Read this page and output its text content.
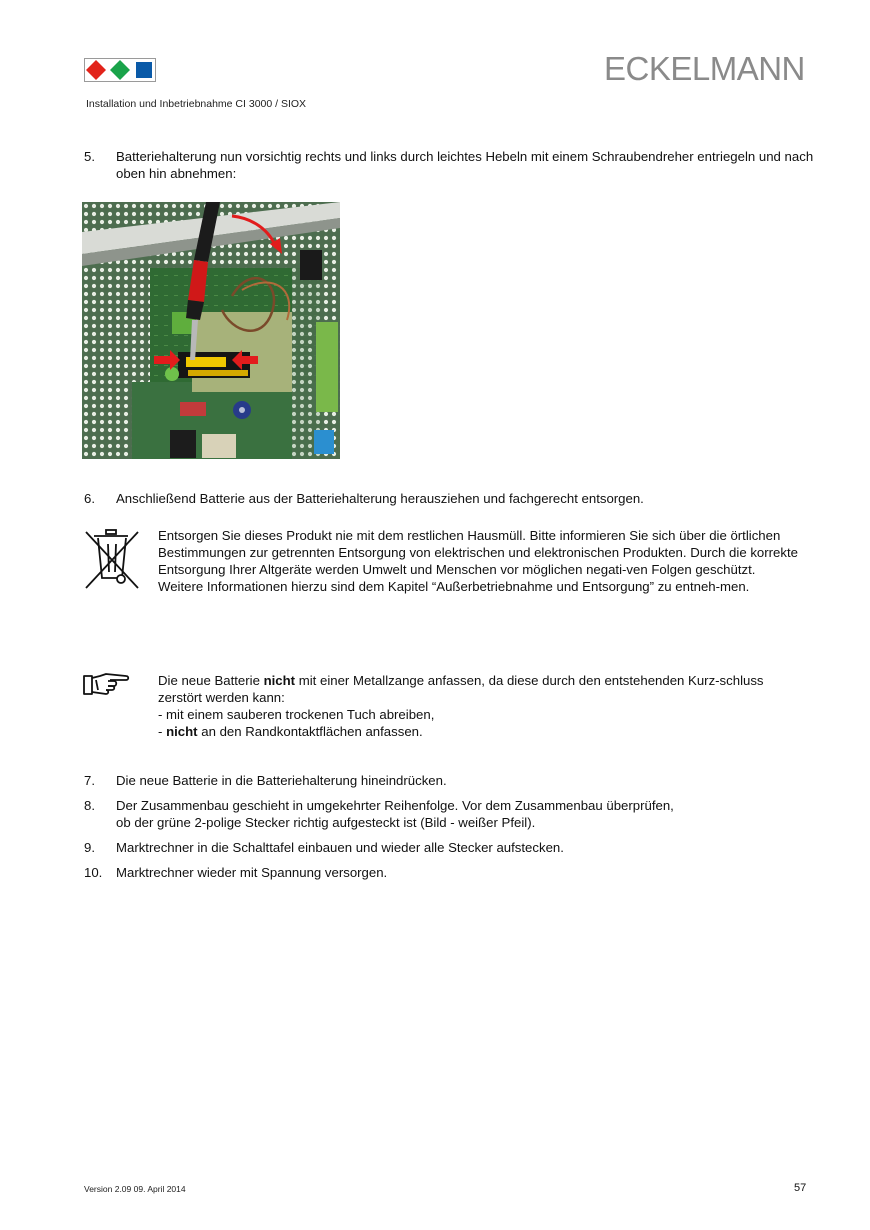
ECKELMANN
Installation und Inbetriebnahme CI 3000 / SIOX
5.	Batteriehalterung nun vorsichtig rechts und links durch leichtes Hebeln mit einem Schraubendreher entriegeln und nach oben hin abnehmen:
6.	Anschließend Batterie aus der Batteriehalterung herausziehen und fachgerecht entsorgen.
Entsorgen Sie dieses Produkt nie mit dem restlichen Hausmüll. Bitte informieren Sie sich über die örtlichen Bestimmungen zur getrennten Entsorgung von elektrischen und elektronischen Produkten. Durch die korrekte Entsorgung Ihrer Altgeräte werden Umwelt und Menschen vor möglichen negati-ven Folgen geschützt.
Weitere Informationen hierzu sind dem Kapitel “Außerbetriebnahme und Entsorgung” zu entneh-men.
Die neue Batterie nicht mit einer Metallzange anfassen, da diese durch den entstehenden Kurz-schluss zerstört werden kann:
- mit einem sauberen trockenen Tuch abreiben,
- nicht an den Randkontaktflächen anfassen.
7.	Die neue Batterie in die Batteriehalterung hineindrücken.
8.	Der Zusammenbau geschieht in umgekehrter Reihenfolge. Vor dem Zusammenbau überprüfen,
ob der grüne 2-polige Stecker richtig aufgesteckt ist (Bild - weißer Pfeil).
9.	Marktrechner in die Schalttafel einbauen und wieder alle Stecker aufstecken.
10.	Marktrechner wieder mit Spannung versorgen.
Version 2.09 09. April 2014	57
